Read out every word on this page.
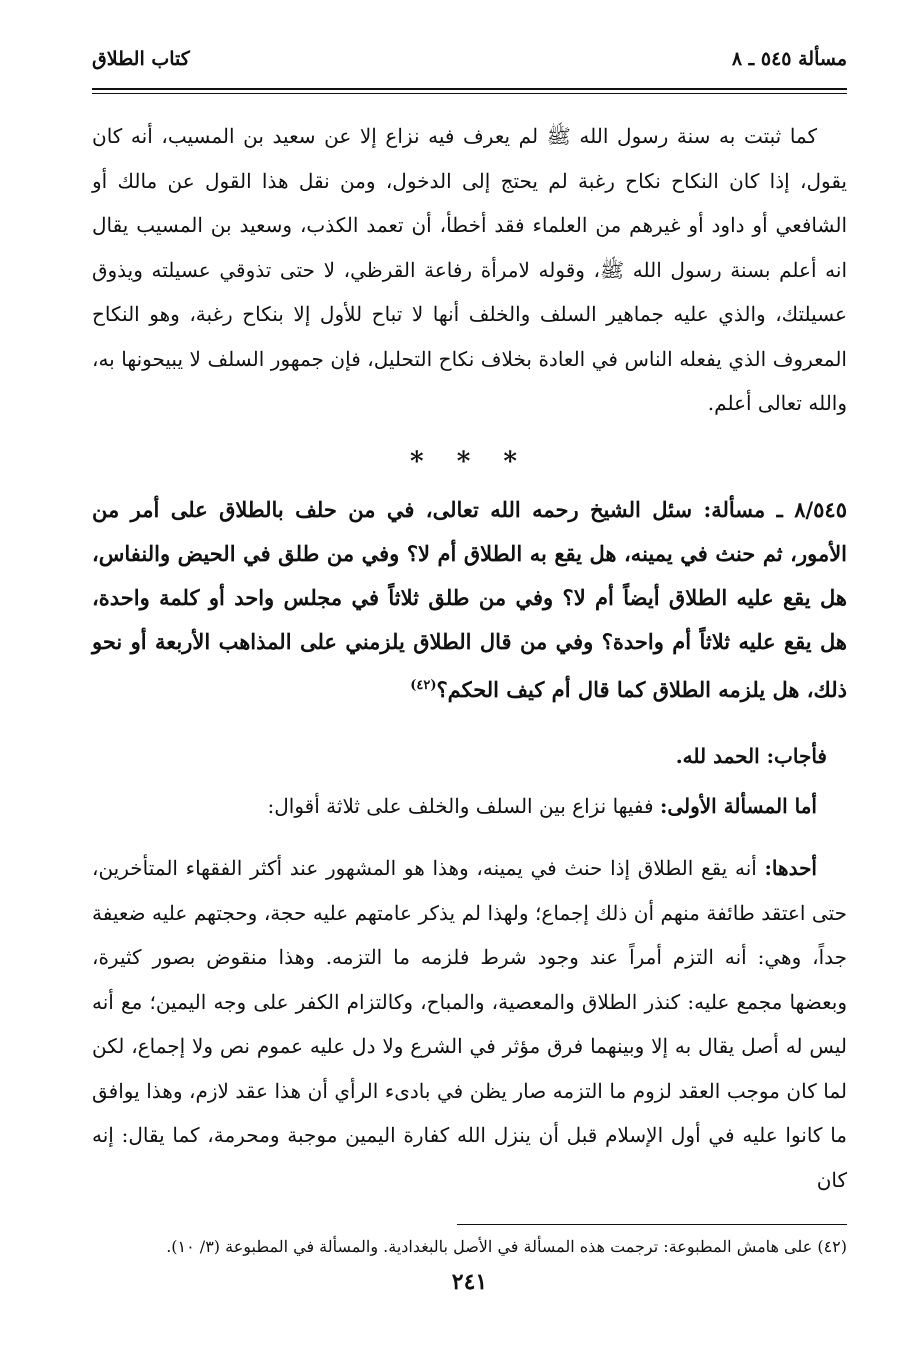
مسألة ٥٤٥ ـ ٨
كتاب الطلاق

كما ثبتت به سنة رسول الله ﷺ لم يعرف فيه نزاع إلا عن سعيد بن المسيب، أنه كان يقول، إذا كان النكاح نكاح رغبة لم يحتج إلى الدخول، ومن نقل هذا القول عن مالك أو الشافعي أو داود أو غيرهم من العلماء فقد أخطأ، أن تعمد الكذب، وسعيد بن المسيب يقال انه أعلم بسنة رسول الله ﷺ، وقوله لامرأة رفاعة القرظي، لا حتى تذوقي عسيلته ويذوق عسيلتك، والذي عليه جماهير السلف والخلف أنها لا تباح للأول إلا بنكاح رغبة، وهو النكاح المعروف الذي يفعله الناس في العادة بخلاف نكاح التحليل، فإن جمهور السلف لا يبيحونها به، والله تعالى أعلم.

* * *

٨/٥٤٥ ـ مسألة: سئل الشيخ رحمه الله تعالى، في من حلف بالطلاق على أمر من الأمور، ثم حنث في يمينه، هل يقع به الطلاق أم لا؟ وفي من طلق في الحيض والنفاس، هل يقع عليه الطلاق أيضاً أم لا؟ وفي من طلق ثلاثاً في مجلس واحد أو كلمة واحدة، هل يقع عليه ثلاثاً أم واحدة؟ وفي من قال الطلاق يلزمني على المذاهب الأربعة أو نحو ذلك، هل يلزمه الطلاق كما قال أم كيف الحكم؟$^{(٤٢)}$

فأجاب: الحمد لله.

أما المسألة الأولى: ففيها نزاع بين السلف والخلف على ثلاثة أقوال:

أحدها: أنه يقع الطلاق إذا حنث في يمينه، وهذا هو المشهور عند أكثر الفقهاء المتأخرين، حتى اعتقد طائفة منهم أن ذلك إجماع؛ ولهذا لم يذكر عامتهم عليه حجة، وحجتهم عليه ضعيفة جداً، وهي: أنه التزم أمراً عند وجود شرط فلزمه ما التزمه. وهذا منقوض بصور كثيرة، وبعضها مجمع عليه: كنذر الطلاق والمعصية، والمباح، وكالتزام الكفر على وجه اليمين؛ مع أنه ليس له أصل يقال به إلا وبينهما فرق مؤثر في الشرع ولا دل عليه عموم نص ولا إجماع، لكن لما كان موجب العقد لزوم ما التزمه صار يظن في بادىء الرأي أن هذا عقد لازم، وهذا يوافق ما كانوا عليه في أول الإسلام قبل أن ينزل الله كفارة اليمين موجبة ومحرمة، كما يقال: إنه كان

(٤٢) على هامش المطبوعة: ترجمت هذه المسألة في الأصل بالبغدادية. والمسألة في المطبوعة (٣/ ١٠).
٢٤١
